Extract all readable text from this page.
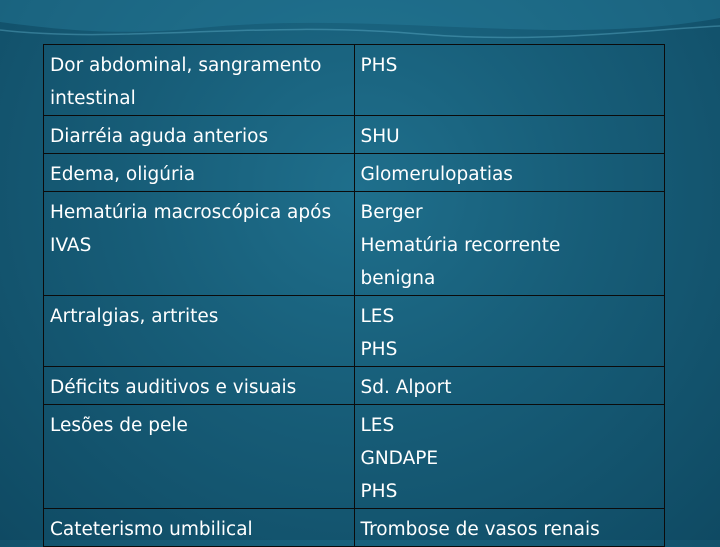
Dor abdominal, sangramento
intestinal	PHS

Diarréia aguda anterios	SHU

Edema, oligúria	Glomerulopatias

Hematúria macroscópica após
IVAS	Berger
Hematúria recorrente
benigna

Artralgias, artrites	LES
PHS

Déficits auditivos e visuais	Sd. Alport

Lesões de pele	LES
GNDAPE
PHS

Cateterismo umbilical	Trombose de vasos renais
